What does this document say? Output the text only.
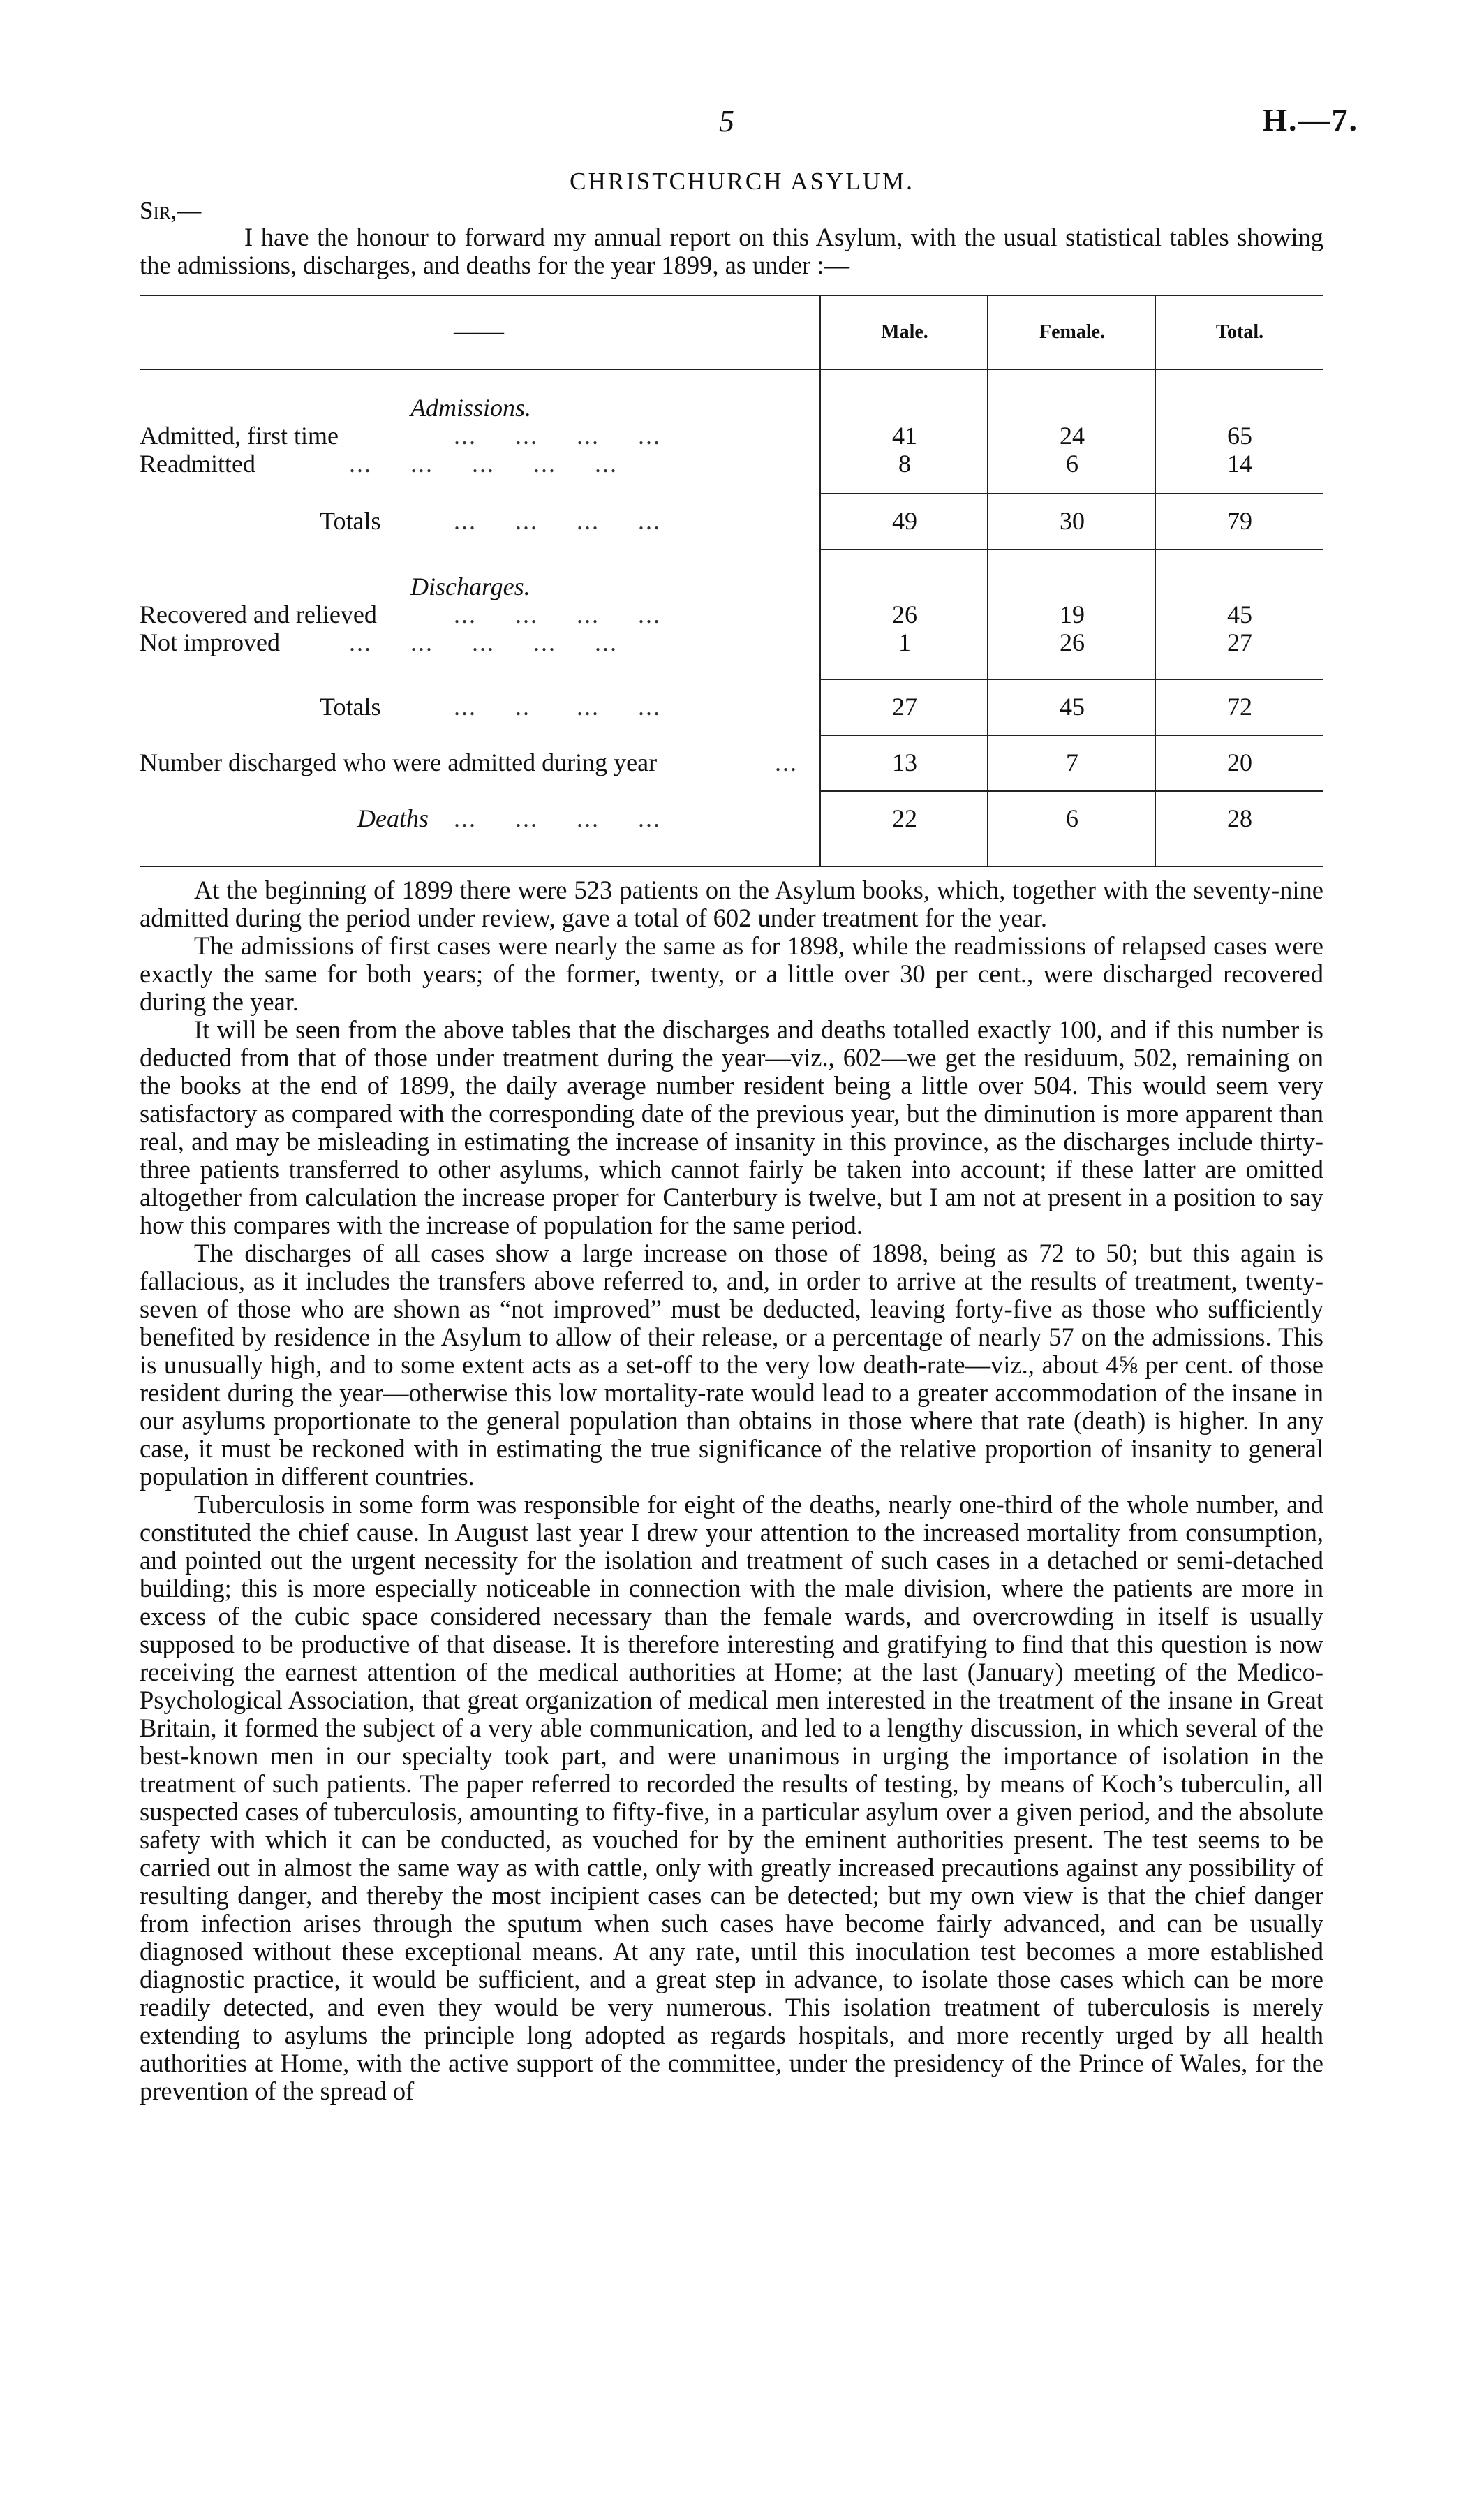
5	H.—7.
CHRISTCHURCH ASYLUM.
Sir,—

I have the honour to forward my annual report on this Asylum, with the usual statistical tables showing the admissions, discharges, and deaths for the year 1899, as under :—

——	Male.	Female.	Total.
Admissions.
Admitted, first time	...     ...     ...     ...	41	24	65
Readmitted	...     ...     ...     ...     ...	8	6	14
Totals	...     ...     ...     ...	49	30	79
Discharges.
Recovered and relieved	...     ...     ...     ...	26	19	45
Not improved	...     ...     ...     ...     ...	1	26	27
Totals	...     ..      ...     ...	27	45	72
Number discharged who were admitted during year	...	13	7	20
Deaths ...     ...     ...     ...	22	6	28

At the beginning of 1899 there were 523 patients on the Asylum books, which, together with the seventy-nine admitted during the period under review, gave a total of 602 under treatment for the year.

The admissions of first cases were nearly the same as for 1898, while the readmissions of relapsed cases were exactly the same for both years; of the former, twenty, or a little over 30 per cent., were discharged recovered during the year.

It will be seen from the above tables that the discharges and deaths totalled exactly 100, and if this number is deducted from that of those under treatment during the year—viz., 602—we get the residuum, 502, remaining on the books at the end of 1899, the daily average number resident being a little over 504. This would seem very satisfactory as compared with the corresponding date of the previous year, but the diminution is more apparent than real, and may be misleading in estimating the increase of insanity in this province, as the discharges include thirty-three patients transferred to other asylums, which cannot fairly be taken into account; if these latter are omitted altogether from calculation the increase proper for Canterbury is twelve, but I am not at present in a position to say how this compares with the increase of population for the same period.

The discharges of all cases show a large increase on those of 1898, being as 72 to 50; but this again is fallacious, as it includes the transfers above referred to, and, in order to arrive at the results of treatment, twenty-seven of those who are shown as “not improved” must be deducted, leaving forty-five as those who sufficiently benefited by residence in the Asylum to allow of their release, or a percentage of nearly 57 on the admissions. This is unusually high, and to some extent acts as a set-off to the very low death-rate—viz., about 4⅝ per cent. of those resident during the year—otherwise this low mortality-rate would lead to a greater accommodation of the insane in our asylums proportionate to the general population than obtains in those where that rate (death) is higher. In any case, it must be reckoned with in estimating the true significance of the relative proportion of insanity to general population in different countries.

Tuberculosis in some form was responsible for eight of the deaths, nearly one-third of the whole number, and constituted the chief cause. In August last year I drew your attention to the increased mortality from consumption, and pointed out the urgent necessity for the isolation and treatment of such cases in a detached or semi-detached building; this is more especially noticeable in connection with the male division, where the patients are more in excess of the cubic space considered necessary than the female wards, and overcrowding in itself is usually supposed to be productive of that disease. It is therefore interesting and gratifying to find that this question is now receiving the earnest attention of the medical authorities at Home; at the last (January) meeting of the Medico-Psychological Association, that great organization of medical men interested in the treatment of the insane in Great Britain, it formed the subject of a very able communication, and led to a lengthy discussion, in which several of the best-known men in our specialty took part, and were unanimous in urging the importance of isolation in the treatment of such patients. The paper referred to recorded the results of testing, by means of Koch’s tuberculin, all suspected cases of tuberculosis, amounting to fifty-five, in a particular asylum over a given period, and the absolute safety with which it can be conducted, as vouched for by the eminent authorities present. The test seems to be carried out in almost the same way as with cattle, only with greatly increased precautions against any possibility of resulting danger, and thereby the most incipient cases can be detected; but my own view is that the chief danger from infection arises through the sputum when such cases have become fairly advanced, and can be usually diagnosed without these exceptional means. At any rate, until this inoculation test becomes a more established diagnostic practice, it would be sufficient, and a great step in advance, to isolate those cases which can be more readily detected, and even they would be very numerous. This isolation treatment of tuberculosis is merely extending to asylums the principle long adopted as regards hospitals, and more recently urged by all health authorities at Home, with the active support of the committee, under the presidency of the Prince of Wales, for the prevention of the spread of
